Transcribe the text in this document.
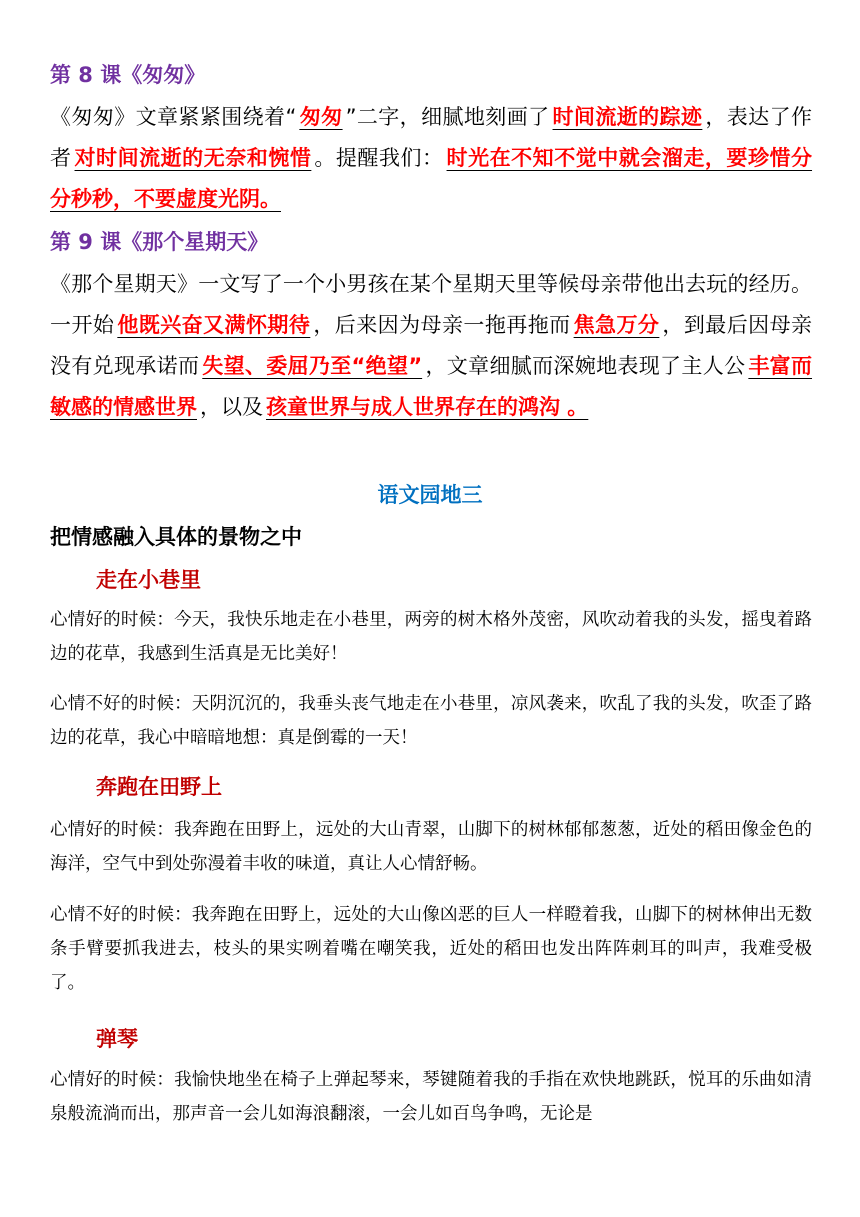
第 8 课《匆匆》
《匆匆》文章紧紧围绕着“ 匆匆 ”二字，细腻地刻画了 时间流逝的踪迹 ，表达了作者 对时间流逝的无奈和惋惜 。提醒我们： 时光在不知不觉中就会溜走，要珍惜分分秒秒，不要虚度光阴。
第 9 课《那个星期天》
《那个星期天》一文写了一个小男孩在某个星期天里等候母亲带他出去玩的经历。一开始 他既兴奋又满怀期待 ，后来因为母亲一拖再拖而 焦急万分 ，到最后因母亲没有兑现承诺而 失望、委屈乃至“绝望” ，文章细腻而深婉地表现了主人公 丰富而敏感的情感世界 ，以及 孩童世界与成人世界存在的鸿沟 。
语文园地三
把情感融入具体的景物之中
走在小巷里
心情好的时候：今天，我快乐地走在小巷里，两旁的树木格外茂密，风吹动着我的头发，摇曳着路边的花草，我感到生活真是无比美好！
心情不好的时候：天阴沉沉的，我垂头丧气地走在小巷里，凉风袭来，吹乱了我的头发，吹歪了路边的花草，我心中暗暗地想：真是倒霉的一天！
奔跑在田野上
心情好的时候：我奔跑在田野上，远处的大山青翠，山脚下的树林郁郁葱葱，近处的稻田像金色的海洋，空气中到处弥漫着丰收的味道，真让人心情舒畅。
心情不好的时候：我奔跑在田野上，远处的大山像凶恶的巨人一样瞪着我，山脚下的树林伸出无数条手臂要抓我进去，枝头的果实咧着嘴在嘲笑我，近处的稻田也发出阵阵刺耳的叫声，我难受极了。
弹琴
心情好的时候：我愉快地坐在椅子上弹起琴来，琴键随着我的手指在欢快地跳跃，悦耳的乐曲如清泉般流淌而出，那声音一会儿如海浪翻滚，一会儿如百鸟争鸣，无论是
